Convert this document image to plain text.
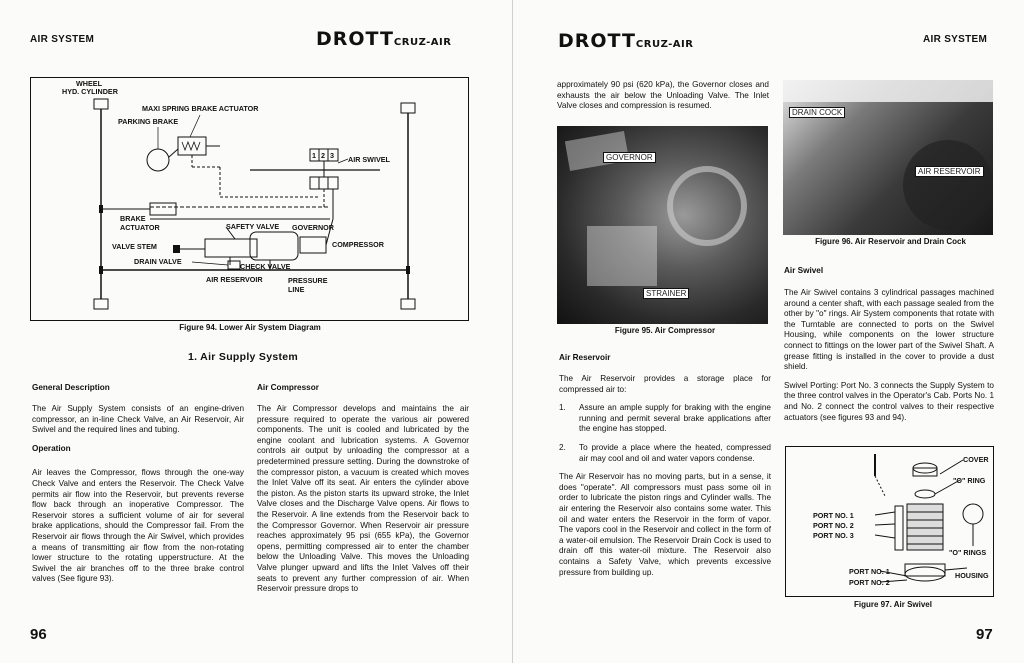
AIR SYSTEM	DROTTCRUZ-AIR
WHEEL
HYD. CYLINDER
MAXI SPRING BRAKE ACTUATOR
PARKING BRAKE
1 2 3 AIR SWIVEL
BRAKE
ACTUATOR	SAFETY VALVE GOVERNOR
COMPRESSOR
VALVE STEM
DRAIN VALVE
CHECK VALVE
AIR RESERVOIR	PRESSURE
LINE
Figure 94. Lower Air System Diagram
1. Air Supply System
General Description

The Air Supply System consists of an engine-driven compressor, an in-line Check Valve, an Air Reservoir, Air Swivel and the required lines and tubing.

Operation

Air leaves the Compressor, flows through the one-way Check Valve and enters the Reservoir. The Check Valve permits air flow into the Reservoir, but prevents reverse flow back through an inoperative Compressor. The Reservoir stores a sufficient volume of air for several brake applications, should the Compressor fail. From the Reservoir air flows through the Air Swivel, which provides a means of transmitting air flow from the non-rotating lower structure to the rotating upperstructure. At the Swivel the air branches off to the three brake control valves (See figure 93).

Air Compressor

The Air Compressor develops and maintains the air pressure required to operate the various air powered components. The unit is cooled and lubricated by the engine coolant and lubrication systems. A Governor controls air output by unloading the compressor at a predetermined pressure setting. During the downstroke of the compressor piston, a vacuum is created which moves the Inlet Valve off its seat. Air enters the cylinder above the piston. As the piston starts its upward stroke, the Inlet Valve closes and the Discharge Valve opens. Air flows to the Reservoir. A line extends from the Reservoir back to the Compressor Governor. When Reservoir air pressure reaches approximately 95 psi (655 kPa), the Governor opens, permitting compressed air to enter the chamber below the Unloading Valve. This moves the Unloading Valve plunger upward and lifts the Inlet Valves off their seats to prevent any further compression of air. When Reservoir pressure drops to

96
DROTTCRUZ-AIR	AIR SYSTEM
approximately 90 psi (620 kPa), the Governor closes and exhausts the air below the Unloading Valve. The Inlet Valve closes and compression is resumed.
GOVERNOR
STRAINER
Figure 95. Air Compressor
DRAIN COCK
AIR RESERVOIR
Figure 96. Air Reservoir and Drain Cock
Air Reservoir

The Air Reservoir provides a storage place for compressed air to:

1.	Assure an ample supply for braking with the engine running and permit several brake applications after the engine has stopped.
2.	To provide a place where the heated, compressed air may cool and oil and water vapors condense.

The Air Reservoir has no moving parts, but in a sense, it does "operate". All compressors must pass some oil in order to lubricate the piston rings and Cylinder walls. The air entering the Reservoir also contains some water. This oil and water enters the Reservoir in the form of vapor. The vapors cool in the Reservoir and collect in the form of a water-oil emulsion. The Reservoir Drain Cock is used to drain off this water-oil mixture. The Reservoir also contains a Safety Valve, which prevents excessive pressure from building up.

Air Swivel

The Air Swivel contains 3 cylindrical passages machined around a center shaft, with each passage sealed from the other by "o" rings. Air System components that rotate with the Turntable are connected to ports on the Swivel Housing, while components on the lower structure connect to fittings on the lower part of the Swivel Shaft. A grease fitting is installed in the cover to provide a dust shield.

Swivel Porting: Port No. 3 connects the Supply System to the three control valves in the Operator's Cab. Ports No. 1 and No. 2 connect the control valves to their respective actuators (see figures 93 and 94).

COVER
"O" RING
PORT NO. 1
PORT NO. 2
PORT NO. 3
"O" RINGS
PORT NO. 1
PORT NO. 2
HOUSING
Figure 97. Air Swivel
97
